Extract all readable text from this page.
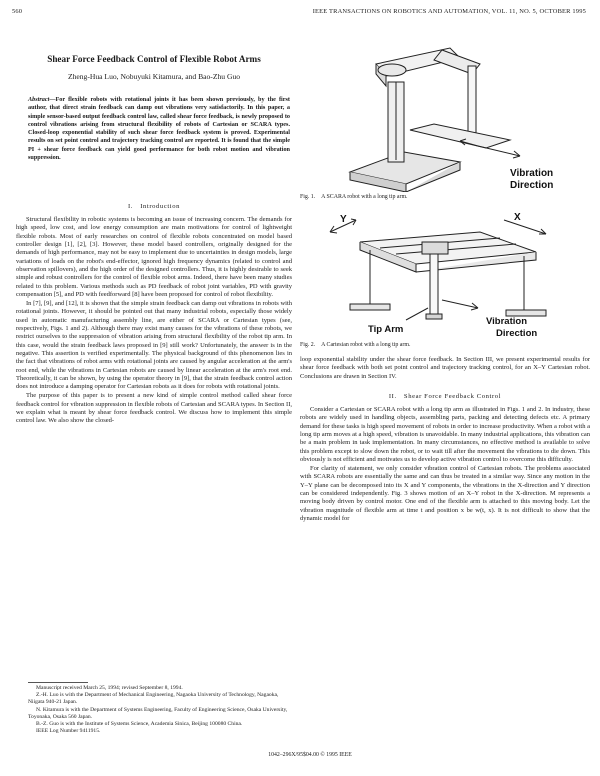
560	IEEE TRANSACTIONS ON ROBOTICS AND AUTOMATION, VOL. 11, NO. 5, OCTOBER 1995
Shear Force Feedback Control of Flexible Robot Arms
Zheng-Hua Luo, Nobuyuki Kitamura, and Bao-Zhu Guo
Abstract—For flexible robots with rotational joints it has been shown previously, by the first author, that direct strain feedback can damp out vibrations very satisfactorily. In this paper, a simple sensor-based output feedback control law, called shear force feedback, is newly proposed to control vibrations arising from structural flexibility of robots of Cartesian or SCARA types. Closed-loop exponential stability of such shear force feedback system is proved. Experimental results on set point control and trajectory tracking control are reported. It is found that the simple PI + shear force feedback can yield good performance for both robot motion and vibration suppression.
I. Introduction

Structural flexibility in robotic systems is becoming an issue of increasing concern. The demands for high speed, low cost, and low energy consumption are main motivations for control of lightweight flexible robots. Most of early researches on control of flexible robots concentrated on model based controller design [1], [2], [3]. However, these model based controllers, originally designed for the demands of high performance, may not be easy to implement due to uncertainties in design models, large variations of loads on the robot's end-effector, ignored high frequency dynamics (related to control and observation spillovers), and the high order of the designed controllers. Thus, it is highly desirable to seek simple and robust controllers for the control of flexible robot arms. Indeed, there have been many studies related to this problem. Various methods such as PD feedback of robot joint variables, PD with gravity compensation [5], and PD with feedforward [8] have been proposed for control of robot flexibility.

In [7], [9], and [12], it is shown that the simple strain feedback can damp out vibrations in robots with rotational joints. However, it should be pointed out that many industrial robots, especially those widely used in automatic manufacturing assembly line, are either of SCARA or Cartesian types (see, respectively, Figs. 1 and 2). Although there may exist many causes for the vibrations of these robots, we restrict ourselves to the suppression of vibration arising from structural flexibility of the robot tip arm. In this case, would the strain feedback laws proposed in [9] still work? Unfortunately, the answer is in the negative. This assertion is verified experimentally. The physical background of this phenomenon lies in the fact that vibrations of robot arms with rotational joints are caused by angular acceleration at the arm's root end, while the vibrations in Cartesian robots are caused by linear acceleration at the arm's root end. Theoretically, it can be shown, by using the operator theory in [9], that the strain feedback control action does not introduce a damping operator for Cartesian robots as it does for robots with rotational joints.

The purpose of this paper is to present a new kind of simple control method called shear force feedback control for vibration suppression in flexible robots of Cartesian and SCARA types. In Section II, we explain what is meant by shear force feedback control. We discuss how to implement this simple control law. We also show the closed-

Manuscript received March 25, 1994; revised September 8, 1994.
Z.-H. Luo is with the Department of Mechanical Engineering, Nagaoka University of Technology, Nagaoka, Niigata 940-21 Japan.
N. Kitamura is with the Department of Systems Engineering, Faculty of Engineering Science, Osaka University, Toyonaka, Osaka 560 Japan.
B.-Z. Guo is with the Institute of Systems Science, Academia Sinica, Beijing 100080 China.
IEEE Log Number 9411915.
Vibration
Direction
Fig. 1. A SCARA robot with a long tip arm.
Y	X
Tip Arm
Vibration
Direction
Fig. 2. A Cartesian robot with a long tip arm.

loop exponential stability under the shear force feedback. In Section III, we present experimental results for shear force feedback with both set point control and trajectory tracking control, for an X–Y Cartesian robot. Conclusions are drawn in Section IV.

II. Shear Force Feedback Control

Consider a Cartesian or SCARA robot with a long tip arm as illustrated in Figs. 1 and 2. In industry, these robots are widely used in handling objects, assembling parts, packing and detecting defects etc. A primary demand for these tasks is high speed movement of robots in order to increase productivity. When a robot with a long tip arm moves at a high speed, vibration is unavoidable. In many industrial applications, this vibration can be a main problem in task implementation. In many circumstances, no effective method is available to solve this problem except to slow down the robot, or to wait till after the movement the vibrations to die down. This obviously is not efficient and motivates us to develop active vibration control to overcome this difficulty.

For clarity of statement, we only consider vibration control of Cartesian robots. The problems associated with SCARA robots are essentially the same and can thus be treated in a similar way. Since any motion in the Y–Y plane can be decomposed into its X and Y components, the vibrations in the X-direction and Y direction can be considered independently. Fig. 3 shows motion of an X–Y robot in the X-direction. M represents a moving body driven by control motor. One end of the flexible arm is attached to this moving body. Let the vibration magnitude of flexible arm at time t and position x be w(t, x). It is not difficult to show that the dynamic model for

1042–296X/95$04.00 © 1995 IEEE
